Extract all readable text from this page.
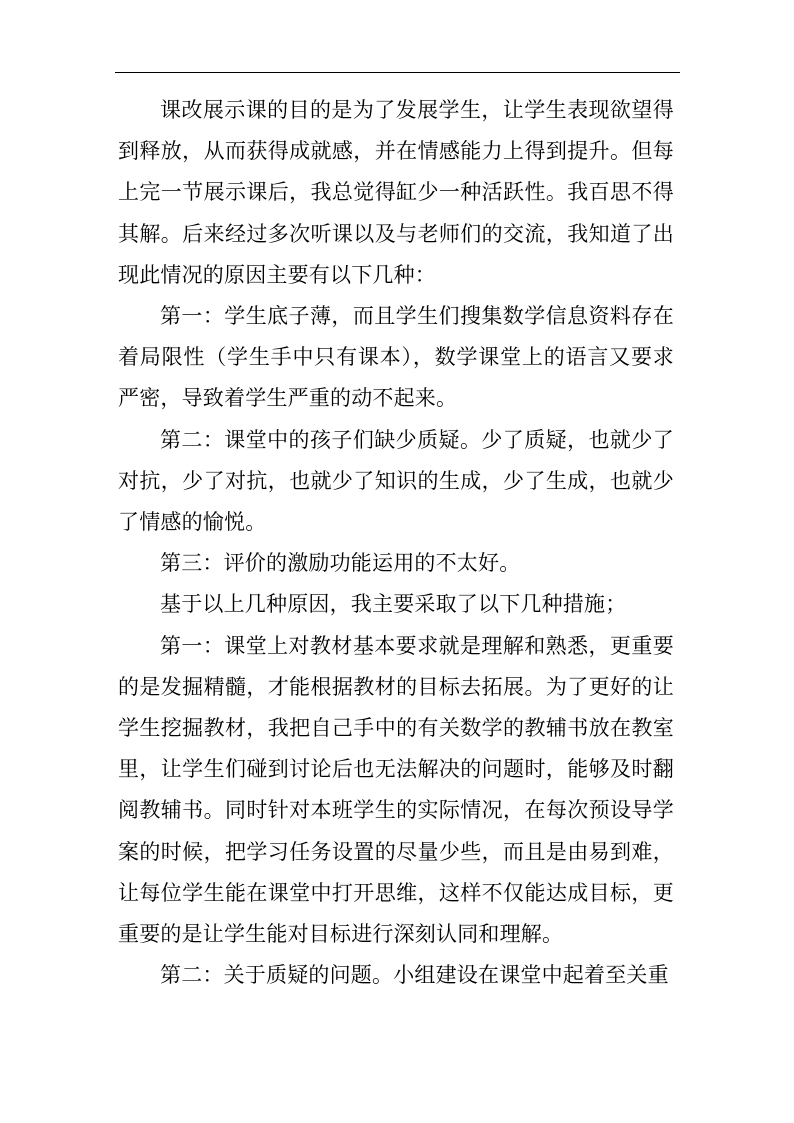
课改展示课的目的是为了发展学生，让学生表现欲望得到释放，从而获得成就感，并在情感能力上得到提升。但每上完一节展示课后，我总觉得缸少一种活跃性。我百思不得其解。后来经过多次听课以及与老师们的交流，我知道了出现此情况的原因主要有以下几种：

第一：学生底子薄，而且学生们搜集数学信息资料存在着局限性（学生手中只有课本），数学课堂上的语言又要求严密，导致着学生严重的动不起来。

第二：课堂中的孩子们缺少质疑。少了质疑，也就少了对抗，少了对抗，也就少了知识的生成，少了生成，也就少了情感的愉悦。

第三：评价的激励功能运用的不太好。

基于以上几种原因，我主要采取了以下几种措施；

第一：课堂上对教材基本要求就是理解和熟悉，更重要的是发掘精髓，才能根据教材的目标去拓展。为了更好的让学生挖掘教材，我把自己手中的有关数学的教辅书放在教室里，让学生们碰到讨论后也无法解决的问题时，能够及时翻阅教辅书。同时针对本班学生的实际情况，在每次预设导学案的时候，把学习任务设置的尽量少些，而且是由易到难，让每位学生能在课堂中打开思维，这样不仅能达成目标，更重要的是让学生能对目标进行深刻认同和理解。

第二：关于质疑的问题。小组建设在课堂中起着至关重
